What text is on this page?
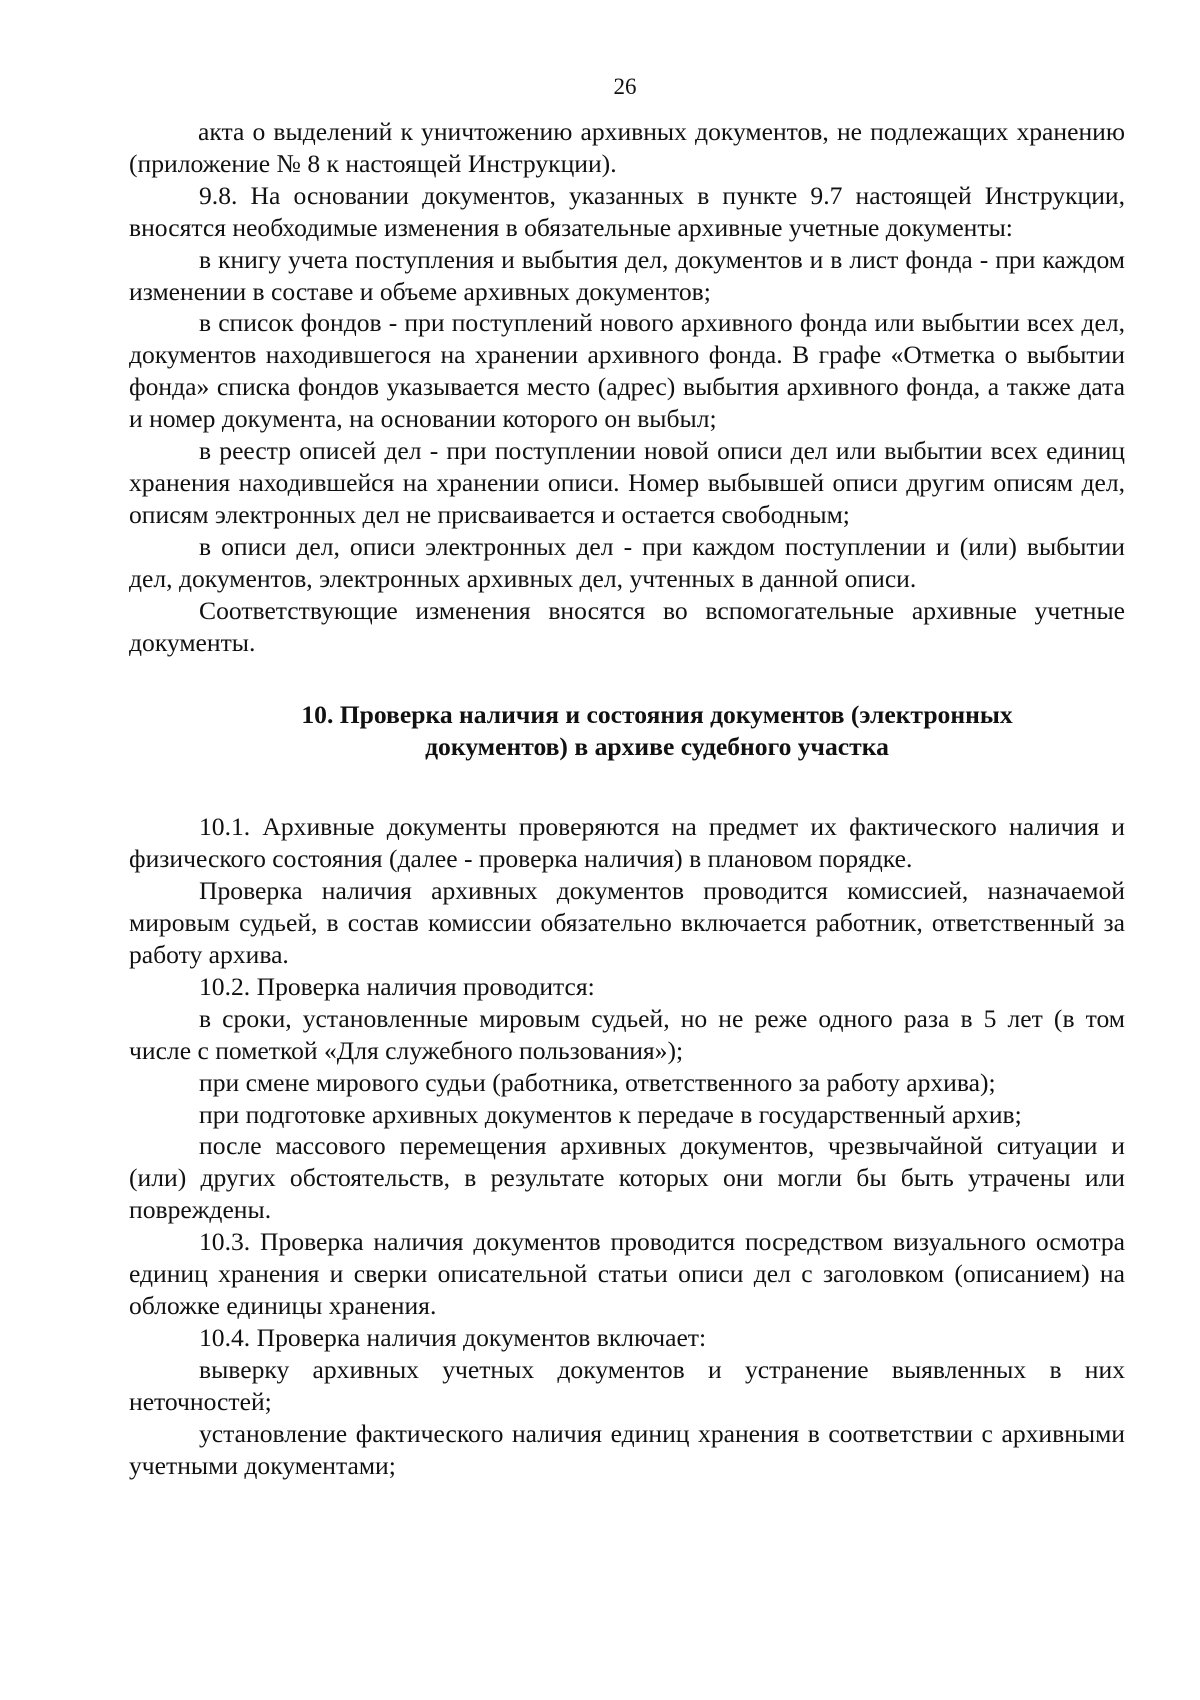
26

акта о выделений к уничтожению архивных документов, не подлежащих хранению (приложение № 8 к настоящей Инструкции).

9.8. На основании документов, указанных в пункте 9.7 настоящей Инструкции, вносятся необходимые изменения в обязательные архивные учетные документы:

в книгу учета поступления и выбытия дел, документов и в лист фонда - при каждом изменении в составе и объеме архивных документов;

в список фондов - при поступлений нового архивного фонда или выбытии всех дел, документов находившегося на хранении архивного фонда. В графе «Отметка о выбытии фонда» списка фондов указывается место (адрес) выбытия архивного фонда, а также дата и номер документа, на основании которого он выбыл;

в реестр описей дел - при поступлении новой описи дел или выбытии всех единиц хранения находившейся на хранении описи. Номер выбывшей описи другим описям дел, описям электронных дел не присваивается и остается свободным;

в описи дел, описи электронных дел - при каждом поступлении и (или) выбытии дел, документов, электронных архивных дел, учтенных в данной описи.

Соответствующие изменения вносятся во вспомогательные архивные учетные документы.

10. Проверка наличия и состояния документов (электронных
документов) в архиве судебного участка

10.1. Архивные документы проверяются на предмет их фактического наличия и физического состояния (далее - проверка наличия) в плановом порядке.

Проверка наличия архивных документов проводится комиссией, назначаемой мировым судьей, в состав комиссии обязательно включается работник, ответственный за работу архива.

10.2. Проверка наличия проводится:

в сроки, установленные мировым судьей, но не реже одного раза в 5 лет (в том числе с пометкой «Для служебного пользования»);

при смене мирового судьи (работника, ответственного за работу архива);

при подготовке архивных документов к передаче в государственный архив;

после массового перемещения архивных документов, чрезвычайной ситуации и (или) других обстоятельств, в результате которых они могли бы быть утрачены или повреждены.

10.3. Проверка наличия документов проводится посредством визуального осмотра единиц хранения и сверки описательной статьи описи дел с заголовком (описанием) на обложке единицы хранения.

10.4. Проверка наличия документов включает:

выверку архивных учетных документов и устранение выявленных в них неточностей;

установление фактического наличия единиц хранения в соответствии с архивными учетными документами;
